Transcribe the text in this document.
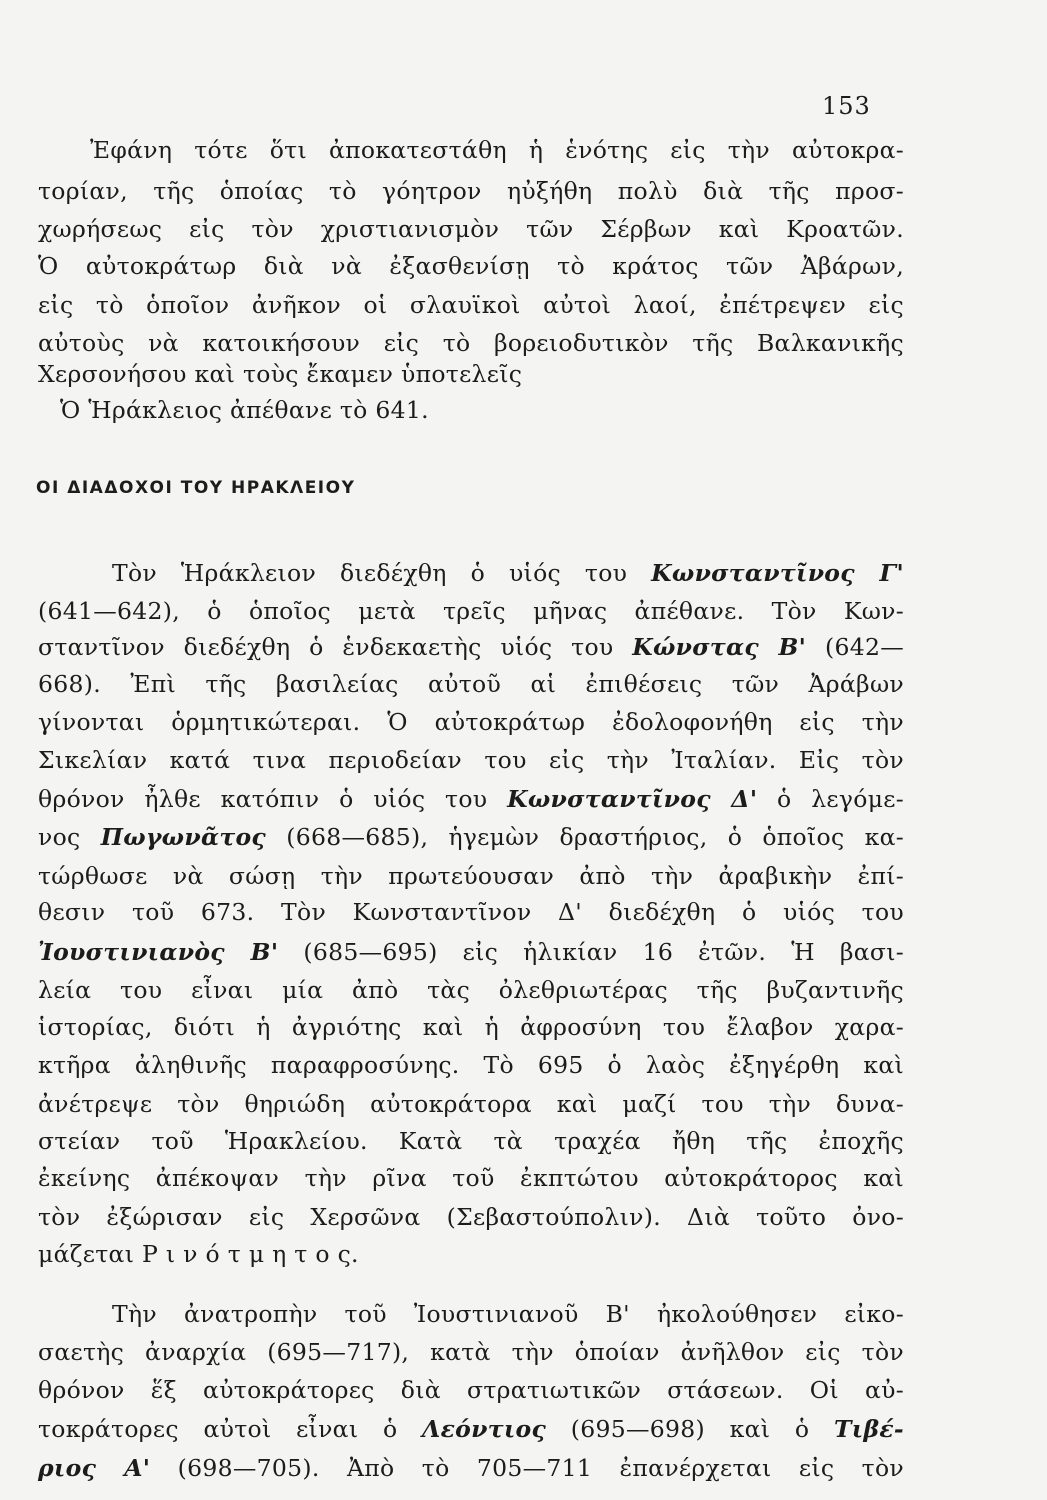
153
ΟΙ ΔΙΑΔΟΧΟΙ ΤΟΥ ΗΡΑΚΛΕΙΟΥ
Ἐφάνη τότε ὅτι ἀποκατεστάθη ἡ ἑνότης εἰς τὴν αὐτοκρα-
τορίαν, τῆς ὁποίας τὸ γόητρον ηὐξήθη πολὺ διὰ τῆς προσ-
χωρήσεως εἰς τὸν χριστιανισμὸν τῶν Σέρβων καὶ Κροατῶν.
Ὁ αὐτοκράτωρ διὰ νὰ ἐξασθενίσῃ τὸ κράτος τῶν Ἀβάρων,
εἰς τὸ ὁποῖον ἀνῆκον οἱ σλαυϊκοὶ αὐτοὶ λαοί, ἐπέτρεψεν εἰς
αὐτοὺς νὰ κατοικήσουν εἰς τὸ βορειοδυτικὸν τῆς Βαλκανικῆς
Χερσονήσου καὶ τοὺς ἔκαμεν ὑποτελεῖς
Ὁ Ἡράκλειος ἀπέθανε τὸ 641.
Τὸν Ἡράκλειον διεδέχθη ὁ υἱός του Κωνσταντῖνος Γ'
(641—642), ὁ ὁποῖος μετὰ τρεῖς μῆνας ἀπέθανε. Τὸν Κων-
σταντῖνον διεδέχθη ὁ ἑνδεκαετὴς υἱός του Κώνστας Β' (642—
668). Ἐπὶ τῆς βασιλείας αὐτοῦ αἱ ἐπιθέσεις τῶν Ἀράβων
γίνονται ὁρμητικώτεραι. Ὁ αὐτοκράτωρ ἐδολοφονήθη εἰς τὴν
Σικελίαν κατά τινα περιοδείαν του εἰς τὴν Ἰταλίαν. Εἰς τὸν
θρόνον ἦλθε κατόπιν ὁ υἱός του Κωνσταντῖνος Δ' ὁ λεγόμε-
νος Πωγωνᾶτος (668—685), ἡγεμὼν δραστήριος, ὁ ὁποῖος κα-
τώρθωσε νὰ σώσῃ τὴν πρωτεύουσαν ἀπὸ τὴν ἀραβικὴν ἐπί-
θεσιν τοῦ 673. Τὸν Κωνσταντῖνον Δ' διεδέχθη ὁ υἱός του
Ἰουστινιανὸς Β' (685—695) εἰς ἡλικίαν 16 ἐτῶν. Ἡ βασι-
λεία του εἶναι μία ἀπὸ τὰς ὀλεθριωτέρας τῆς βυζαντινῆς
ἱστορίας, διότι ἡ ἀγριότης καὶ ἡ ἀφροσύνη του ἔλαβον χαρα-
κτῆρα ἀληθινῆς παραφροσύνης. Τὸ 695 ὁ λαὸς ἐξηγέρθη καὶ
ἀνέτρεψε τὸν θηριώδη αὐτοκράτορα καὶ μαζί του τὴν δυνα-
στείαν τοῦ Ἡρακλείου. Κατὰ τὰ τραχέα ἤθη τῆς ἐποχῆς
ἐκείνης ἀπέκοψαν τὴν ρῖνα τοῦ ἐκπτώτου αὐτοκράτορος καὶ
τὸν ἐξώρισαν εἰς Χερσῶνα (Σεβαστούπολιν). Διὰ τοῦτο ὀνο-
μάζεται Ρ ι ν ό τ μ η τ ο ς.
Τὴν ἀνατροπὴν τοῦ Ἰουστινιανοῦ Β' ἠκολούθησεν εἰκο-
σαετὴς ἀναρχία (695—717), κατὰ τὴν ὁποίαν ἀνῆλθον εἰς τὸν
θρόνον ἕξ αὐτοκράτορες διὰ στρατιωτικῶν στάσεων. Οἱ αὐ-
τοκράτορες αὐτοὶ εἶναι ὁ Λεόντιος (695—698) καὶ ὁ Τιβέ-
ριος Α' (698—705). Ἀπὸ τὸ 705—711 ἐπανέρχεται εἰς τὸν
